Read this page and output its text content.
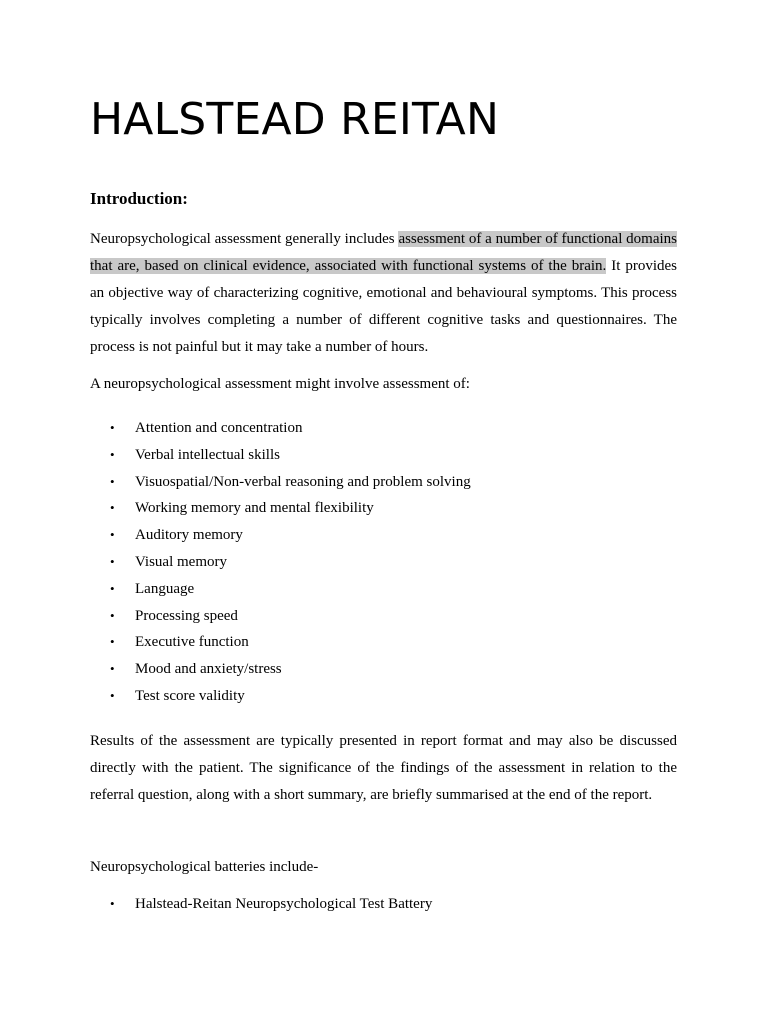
HALSTEAD REITAN
Introduction:

Neuropsychological assessment generally includes assessment of a number of functional domains that are, based on clinical evidence, associated with functional systems of the brain. It provides an objective way of characterizing cognitive, emotional and behavioural symptoms. This process typically involves completing a number of different cognitive tasks and questionnaires. The process is not painful but it may take a number of hours.

A neuropsychological assessment might involve assessment of:

• Attention and concentration
• Verbal intellectual skills
• Visuospatial/Non-verbal reasoning and problem solving
• Working memory and mental flexibility
• Auditory memory
• Visual memory
• Language
• Processing speed
• Executive function
• Mood and anxiety/stress
• Test score validity

Results of the assessment are typically presented in report format and may also be discussed directly with the patient. The significance of the findings of the assessment in relation to the referral question, along with a short summary, are briefly summarised at the end of the report.

Neuropsychological batteries include-

• Halstead-Reitan Neuropsychological Test Battery
